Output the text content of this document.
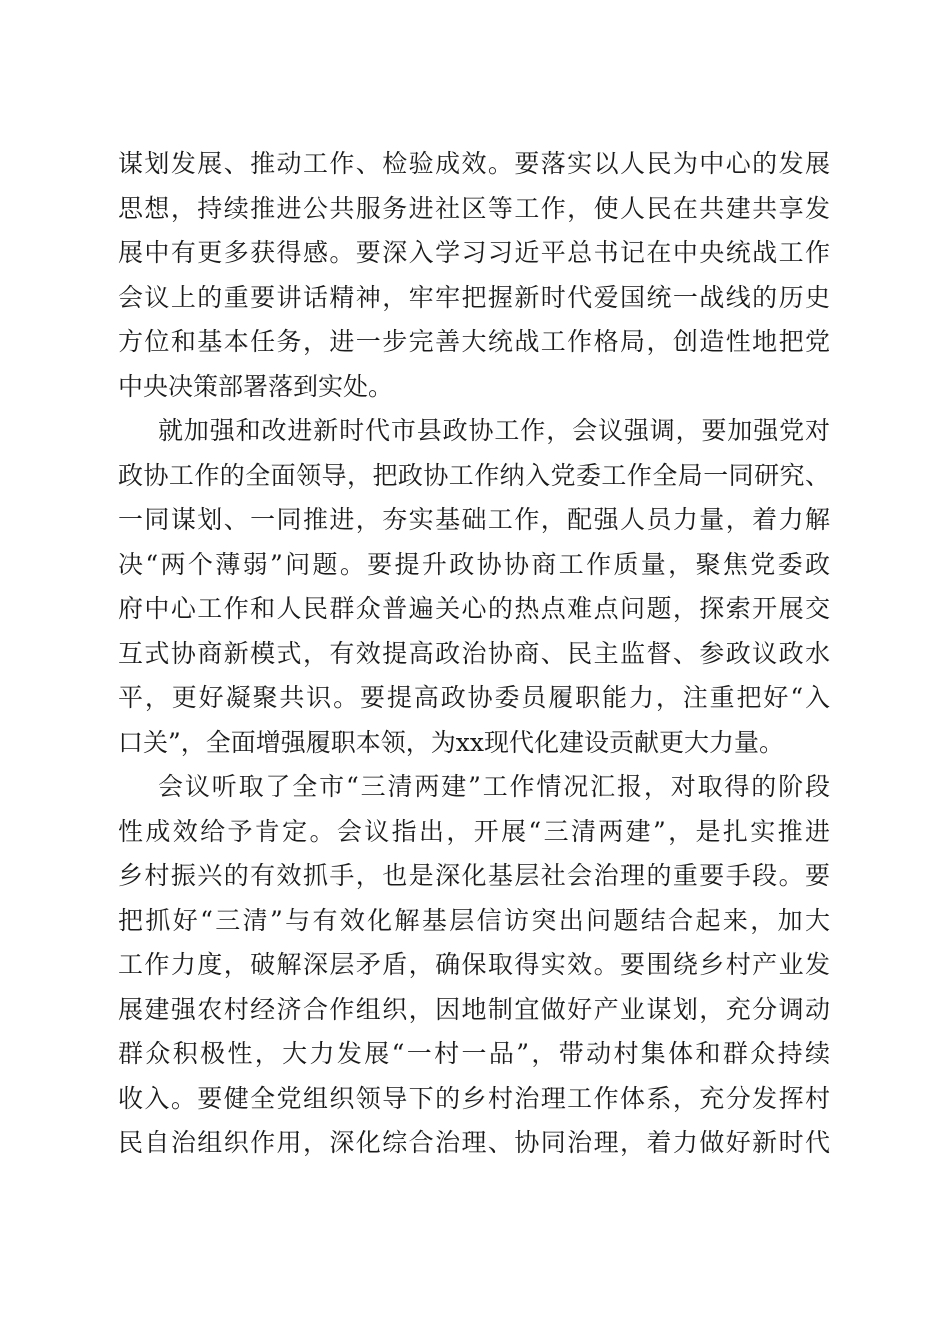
谋划发展、推动工作、检验成效。要落实以人民为中心的发展
思想，持续推进公共服务进社区等工作，使人民在共建共享发
展中有更多获得感。要深入学习习近平总书记在中央统战工作
会议上的重要讲话精神，牢牢把握新时代爱国统一战线的历史
方位和基本任务，进一步完善大统战工作格局，创造性地把党
中央决策部署落到实处。
就加强和改进新时代市县政协工作，会议强调，要加强党对
政协工作的全面领导，把政协工作纳入党委工作全局一同研究、
一同谋划、一同推进，夯实基础工作，配强人员力量，着力解
决“两个薄弱”问题。要提升政协协商工作质量，聚焦党委政
府中心工作和人民群众普遍关心的热点难点问题，探索开展交
互式协商新模式，有效提高政治协商、民主监督、参政议政水
平，更好凝聚共识。要提高政协委员履职能力，注重把好“入
口关”，全面增强履职本领，为xx现代化建设贡献更大力量。
会议听取了全市“三清两建”工作情况汇报，对取得的阶段
性成效给予肯定。会议指出，开展“三清两建”，是扎实推进
乡村振兴的有效抓手，也是深化基层社会治理的重要手段。要
把抓好“三清”与有效化解基层信访突出问题结合起来，加大
工作力度，破解深层矛盾，确保取得实效。要围绕乡村产业发
展建强农村经济合作组织，因地制宜做好产业谋划，充分调动
群众积极性，大力发展“一村一品”，带动村集体和群众持续
收入。要健全党组织领导下的乡村治理工作体系，充分发挥村
民自治组织作用，深化综合治理、协同治理，着力做好新时代
